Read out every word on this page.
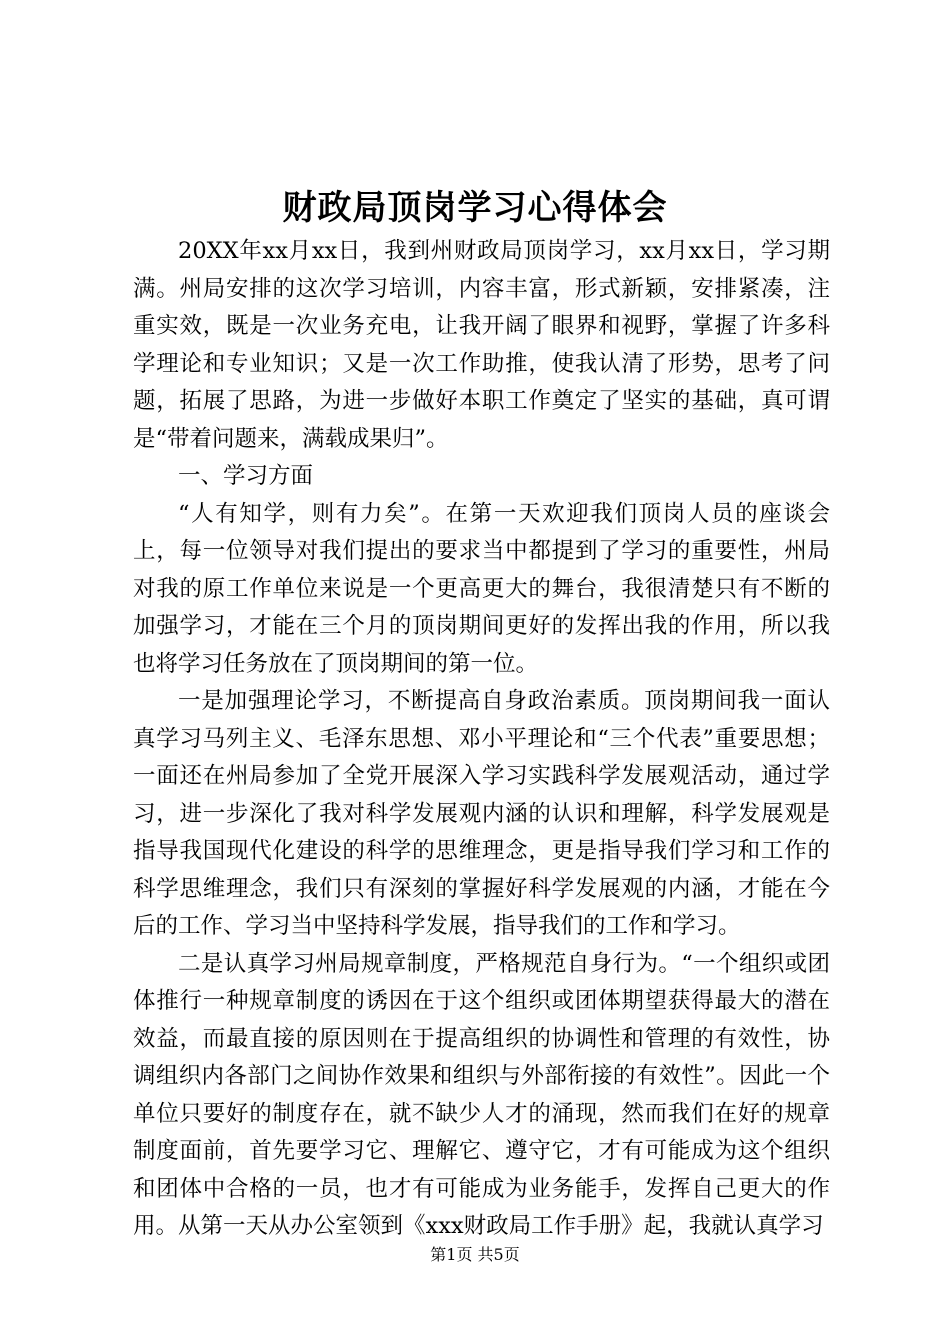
财政局顶岗学习心得体会

20XX年xx月xx日，我到州财政局顶岗学习，xx月xx日，学习期满。州局安排的这次学习培训，内容丰富，形式新颖，安排紧凑，注重实效，既是一次业务充电，让我开阔了眼界和视野，掌握了许多科学理论和专业知识；又是一次工作助推，使我认清了形势，思考了问题，拓展了思路，为进一步做好本职工作奠定了坚实的基础，真可谓是“带着问题来，满载成果归”。

一、学习方面

“人有知学，则有力矣”。在第一天欢迎我们顶岗人员的座谈会上，每一位领导对我们提出的要求当中都提到了学习的重要性，州局对我的原工作单位来说是一个更高更大的舞台，我很清楚只有不断的加强学习，才能在三个月的顶岗期间更好的发挥出我的作用，所以我也将学习任务放在了顶岗期间的第一位。

一是加强理论学习，不断提高自身政治素质。顶岗期间我一面认真学习马列主义、毛泽东思想、邓小平理论和“三个代表”重要思想；一面还在州局参加了全党开展深入学习实践科学发展观活动，通过学习，进一步深化了我对科学发展观内涵的认识和理解，科学发展观是指导我国现代化建设的科学的思维理念，更是指导我们学习和工作的科学思维理念，我们只有深刻的掌握好科学发展观的内涵，才能在今后的工作、学习当中坚持科学发展，指导我们的工作和学习。

二是认真学习州局规章制度，严格规范自身行为。“一个组织或团体推行一种规章制度的诱因在于这个组织或团体期望获得最大的潜在效益，而最直接的原因则在于提高组织的协调性和管理的有效性，协调组织内各部门之间协作效果和组织与外部衔接的有效性”。因此一个单位只要好的制度存在，就不缺少人才的涌现，然而我们在好的规章制度面前，首先要学习它、理解它、遵守它，才有可能成为这个组织和团体中合格的一员，也才有可能成为业务能手，发挥自己更大的作用。从第一天从办公室领到《xxx财政局工作手册》起，我就认真学习

第1页 共5页
